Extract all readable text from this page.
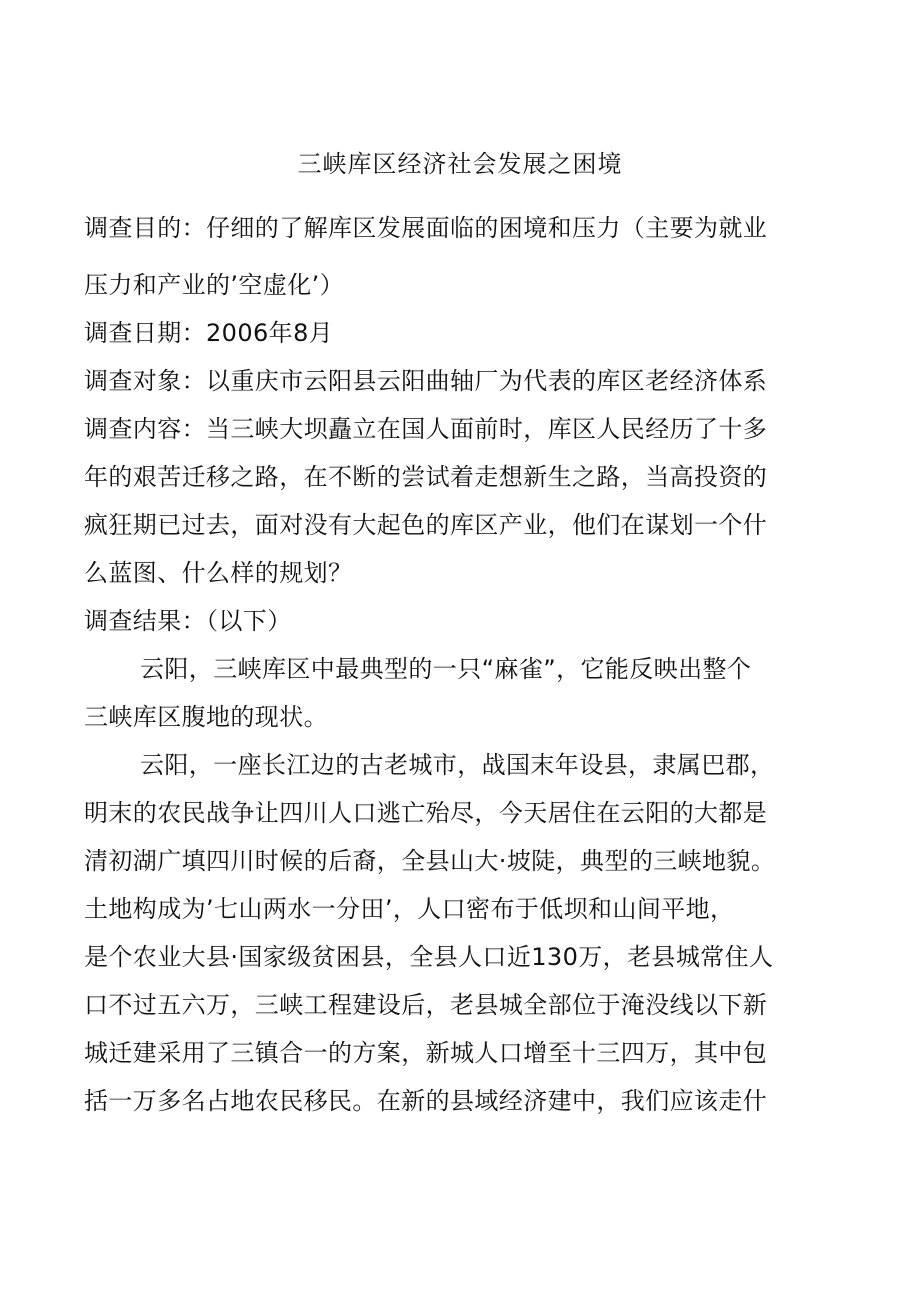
三峡库区经济社会发展之困境
调查目的：仔细的了解库区发展面临的困境和压力（主要为就业
压力和产业的’空虚化’）
调查日期：2006年8月
调查对象：以重庆市云阳县云阳曲轴厂为代表的库区老经济体系
调查内容：当三峡大坝矗立在国人面前时，库区人民经历了十多
年的艰苦迁移之路，在不断的尝试着走想新生之路，当高投资的
疯狂期已过去，面对没有大起色的库区产业，他们在谋划一个什
么蓝图、什么样的规划？
调查结果：（以下）
云阳，三峡库区中最典型的一只“麻雀”，它能反映出整个
三峡库区腹地的现状。
云阳，一座长江边的古老城市，战国末年设县，隶属巴郡，
明末的农民战争让四川人口逃亡殆尽，今天居住在云阳的大都是
清初湖广填四川时候的后裔，全县山大·坡陡，典型的三峡地貌。
土地构成为’七山两水一分田’，人口密布于低坝和山间平地，
是个农业大县·国家级贫困县，全县人口近130万，老县城常住人
口不过五六万，三峡工程建设后，老县城全部位于淹没线以下新
城迁建采用了三镇合一的方案，新城人口增至十三四万，其中包
括一万多名占地农民移民。在新的县域经济建中，我们应该走什
